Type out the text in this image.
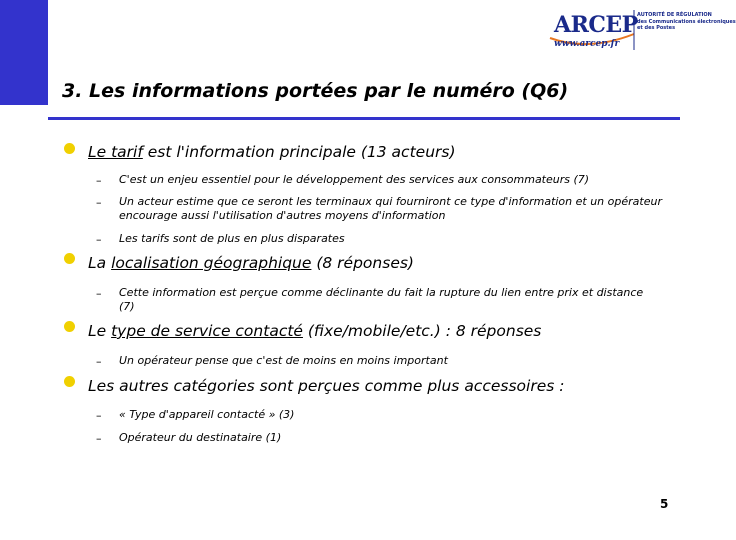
ARCEP
www.arcep.fr
AUTORITÉ DE RÉGULATION
des Communications électroniques
et des Postes
3. Les informations portées par le numéro (Q6)
Le tarif est l'information principale (13 acteurs)
– C'est un enjeu essentiel pour le développement des services aux consommateurs (7)
– Un acteur estime que ce seront les terminaux qui fourniront ce type d'information et un opérateur encourage aussi l'utilisation d'autres moyens d'information
– Les tarifs sont de plus en plus disparates
La localisation géographique (8 réponses)
– Cette information est perçue comme déclinante du fait la rupture du lien entre prix et distance (7)
Le type de service contacté (fixe/mobile/etc.) : 8 réponses
– Un opérateur pense que c'est de moins en moins important
Les autres catégories sont perçues comme plus accessoires :
– « Type d'appareil contacté » (3)
– Opérateur du destinataire (1)
5
